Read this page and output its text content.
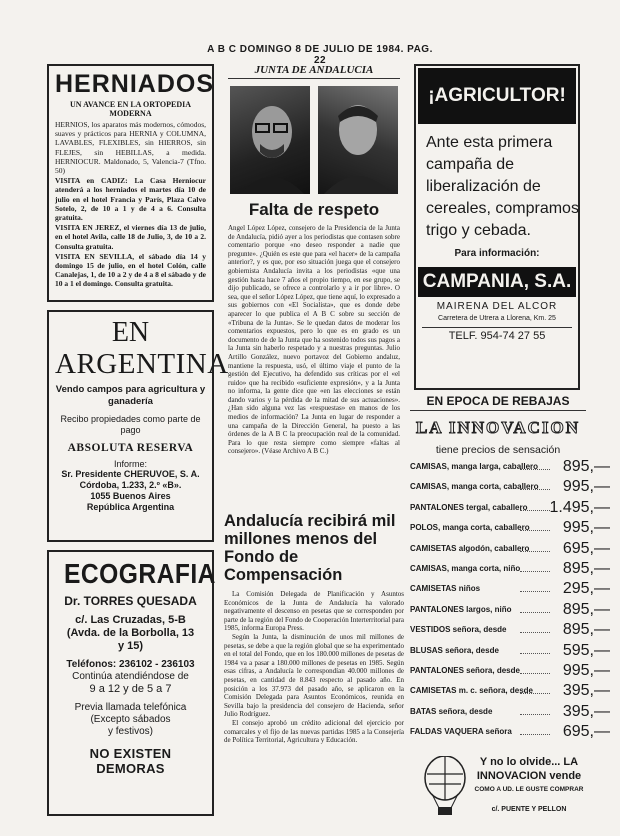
A B C DOMINGO 8 DE JULIO DE 1984. PAG. 22
HERNIADOS
UN AVANCE EN LA ORTOPEDIA MODERNA
HERNIOS, los aparatos más modernos, cómodos, suaves y prácticos para HERNIA y COLUMNA, LAVABLES, FLEXIBLES, sin HIERROS, sin FLEJES, sin HEBILLAS, a medida. HERNIOCUR. Maldonado, 5, Valencia-7 (Tfno. 50)
VISITA en CADIZ: La Casa Herniocur atenderá a los herniados el martes día 10 de julio en el hotel Francia y París, Plaza Calvo Sotelo, 2, de 10 a 1 y de 4 a 6. Consulta gratuita.
VISITA EN JEREZ, el viernes día 13 de julio, en el hotel Avila, calle 18 de Julio, 3, de 10 a 2. Consulta gratuita.
VISITA EN SEVILLA, el sábado día 14 y domingo 15 de julio, en el hotel Colón, calle Canalejas, 1, de 10 a 2 y de 4 a 8 el sábado y de 10 a 1 el domingo. Consulta gratuita.
EN
ARGENTINA
Vendo campos para agricultura y ganadería
Recibo propiedades como parte de pago
ABSOLUTA RESERVA
Informe:
Sr. Presidente CHERUVOE, S. A.
Córdoba, 1.233, 2.º «B».
1055 Buenos Aires
República Argentina
ECOGRAFIA
Dr. TORRES QUESADA
c/. Las Cruzadas, 5-B
(Avda. de la Borbolla, 13
y 15)
Teléfonos: 236102 - 236103
Continúa atendiéndose de
9 a 12 y de 5 a 7
Previa llamada telefónica
(Excepto sábados
y festivos)
NO EXISTEN DEMORAS
JUNTA DE ANDALUCIA
Falta de respeto
Angel López López, consejero de la Presidencia de la Junta de Andalucía, pidió ayer a los periodistas que contasen sobre comentario porque «no deseo responder a nadie que pregunte». ¿Quién es este que para «el hacer» de la campaña anterior?, y es que, por eso situación juega que el consejero gobiernista Andalucía invita a los periodistas «que una gestión hasta hace 7 años el propio tiempo, en ese grupo, se dijo publicado, se ofrece a controlarlo y a ir por libre». O sea, que el señor López López, que tiene aquí, lo expresado a sus gobiernos con «El Socialista», que es donde debe aparecer lo que publica el A B C sobre su sección de «Tribuna de la Junta». Se le quedan datos de moderar los comentarios expuestos, pero lo que es en grado es un documento de de la Junta que ha sostenido todos sus pagos a la Junta sin haberlo respetado y a nuestras preguntas. Julio Artillo González, nuevo portavoz del Gobierno andaluz, mantiene la respuesta, usó, el último viaje el punto de la gestión del Ejecutivo, ha defendido sus críticas por el «el ruido» que ha recibido «suficiente expresión», y a la Junta no informa, la gente dice que «en las elecciones se están dando varios y la pérdida de la mitad de sus actuaciones». ¿Han sido alguna vez las «respuestas» en manos de los medios de información? La Junta en lugar de responder a una campaña de la Dirección General, ha puesto a las órdenes de la A B C la preocupación real de la comunidad. Para lo que resta siempre como siempre «faltas al consejero». (Véase Archivo A B C.)
Andalucía recibirá mil millones menos del Fondo de Compensación
La Comisión Delegada de Planificación y Asuntos Económicos de la Junta de Andalucía ha valorado negativamente el descenso en pesetas que se corresponden por parte de la región del Fondo de Cooperación Interterritorial para 1985, informa Europa Press.
Según la Junta, la disminución de unos mil millones de pesetas, se debe a que la región global que se ha experimentado en el total del Fondo, que en los 180.000 millones de pesetas de 1984 va a pasar a 180.000 millones de pesetas en 1985. Según esas cifras, a Andalucía le correspondían 40.000 millones de pesetas, en cantidad de 8.843 respecto al pasado año. En posición a los 37.973 del pasado año, se aplicaron en la Comisión Delegada para Asuntos Económicos, reunida en Sevilla bajo la presidencia del consejero de Hacienda, señor Julio Rodríguez.
El consejo aprobó un crédito adicional del ejercicio por comarcales y el fijo de las nuevas partidas 1985 a la Consejería de Política Territorial, Agricultura y Educación.
¡AGRICULTOR!
Ante esta primera
campaña de
liberalización de
cereales, compramos
trigo y cebada.
Para información:
CAMPANIA, S.A.
MAIRENA DEL ALCOR
Carretera de Utrera a Llorena, Km. 25
TELF. 954-74 27 55
EN EPOCA DE REBAJAS
LA INNOVACION
tiene precios de sensación
CAMISAS, manga larga, caballero 895,—
CAMISAS, manga corta, caballero 995,—
PANTALONES tergal, caballero 1.495,—
POLOS, manga corta, caballero 995,—
CAMISETAS algodón, caballero 695,—
CAMISAS, manga corta, niño	895,—
CAMISETAS niños	295,—
PANTALONES largos, niño	895,—
VESTIDOS señora, desde	895,—
BLUSAS señora, desde	595,—
PANTALONES señora, desde	995,—
CAMISETAS m. c. señora, desde 395,—
BATAS señora, desde	395,—
FALDAS VAQUERA señora	695,—
Y no lo olvide... LA
INNOVACION vende
COMO A UD. LE GUSTE COMPRAR
c/. PUENTE Y PELLON
